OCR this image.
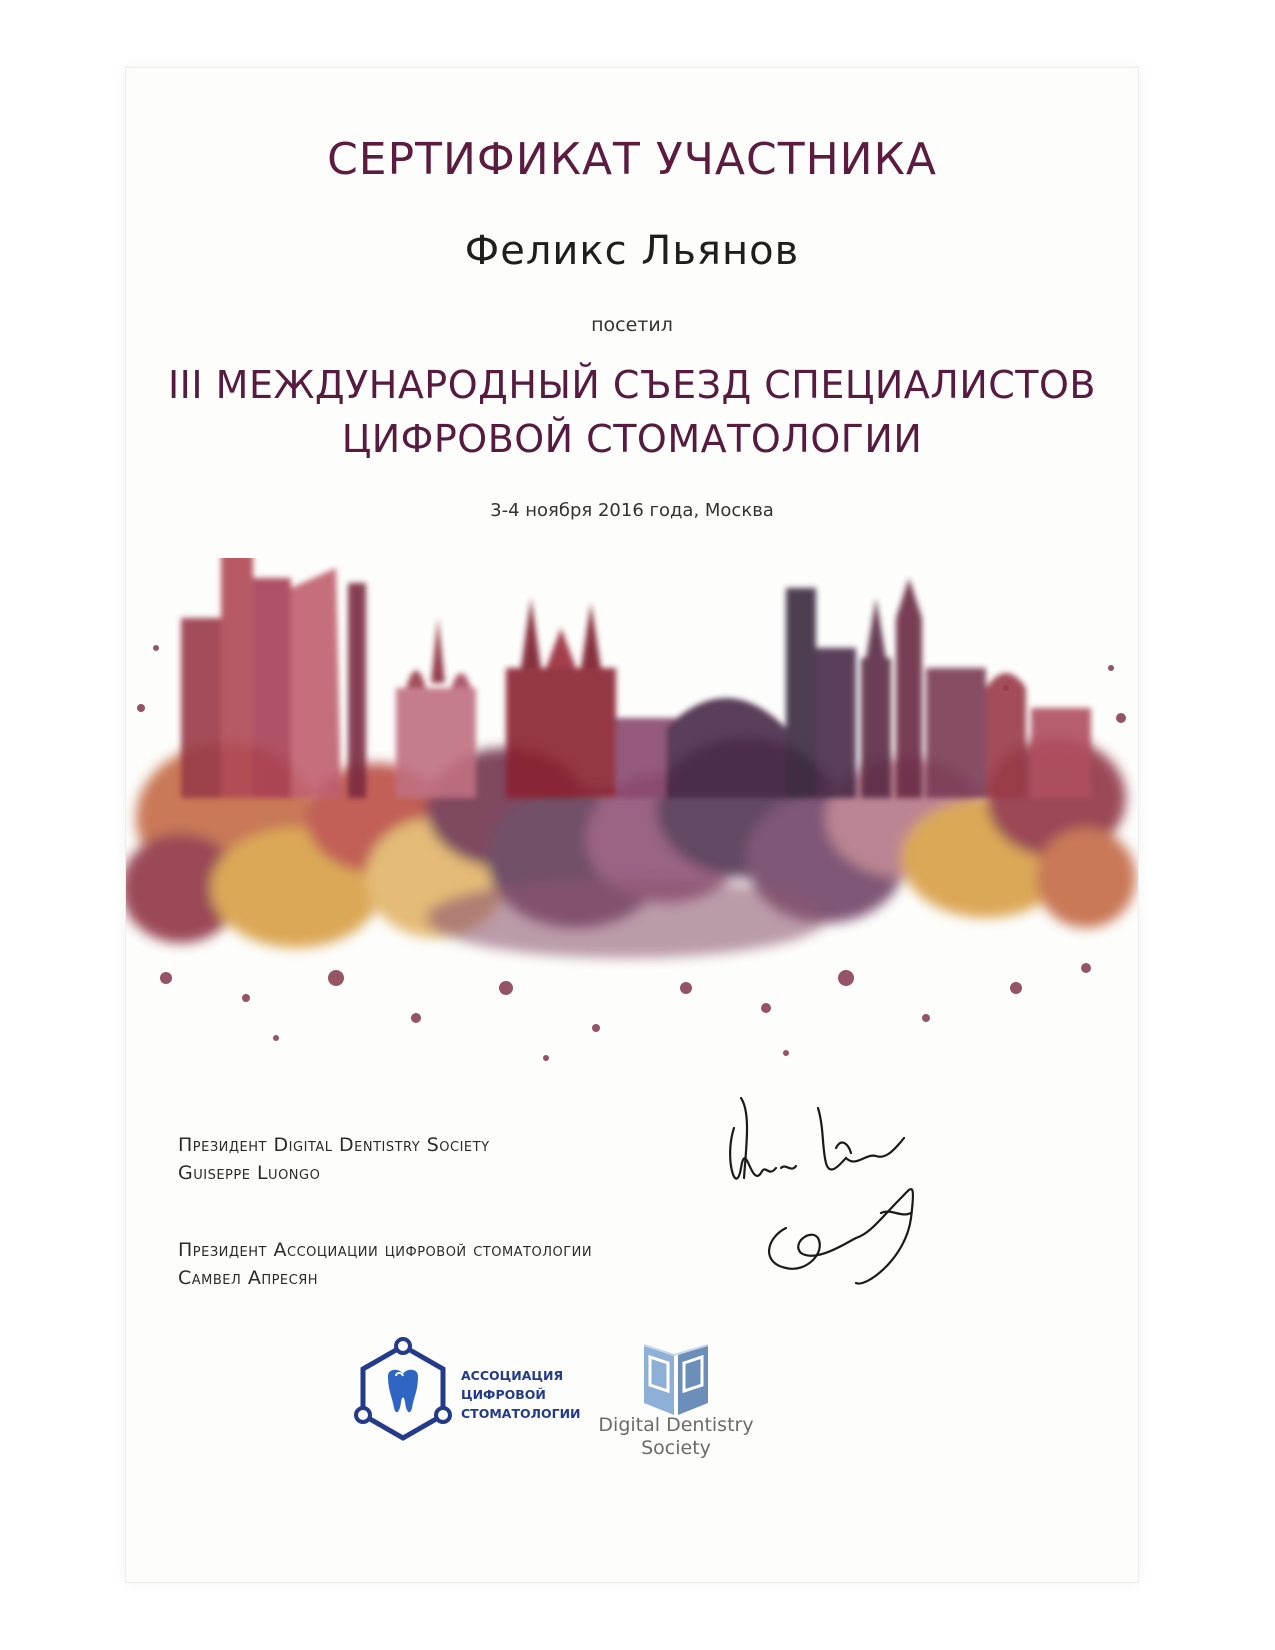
СЕРТИФИКАТ УЧАСТНИКА
Феликс Льянов
посетил
III МЕЖДУНАРОДНЫЙ СЪЕЗД СПЕЦИАЛИСТОВ
ЦИФРОВОЙ СТОМАТОЛОГИИ
3-4 ноября 2016 года, Москва
Президент Digital Dentistry Society
Guiseppe Luongo
Президент Ассоциации цифровой стоматологии
Самвел Апресян
АССОЦИАЦИЯ
ЦИФРОВОЙ
СТОМАТОЛОГИИ
Digital Dentistry
Society
